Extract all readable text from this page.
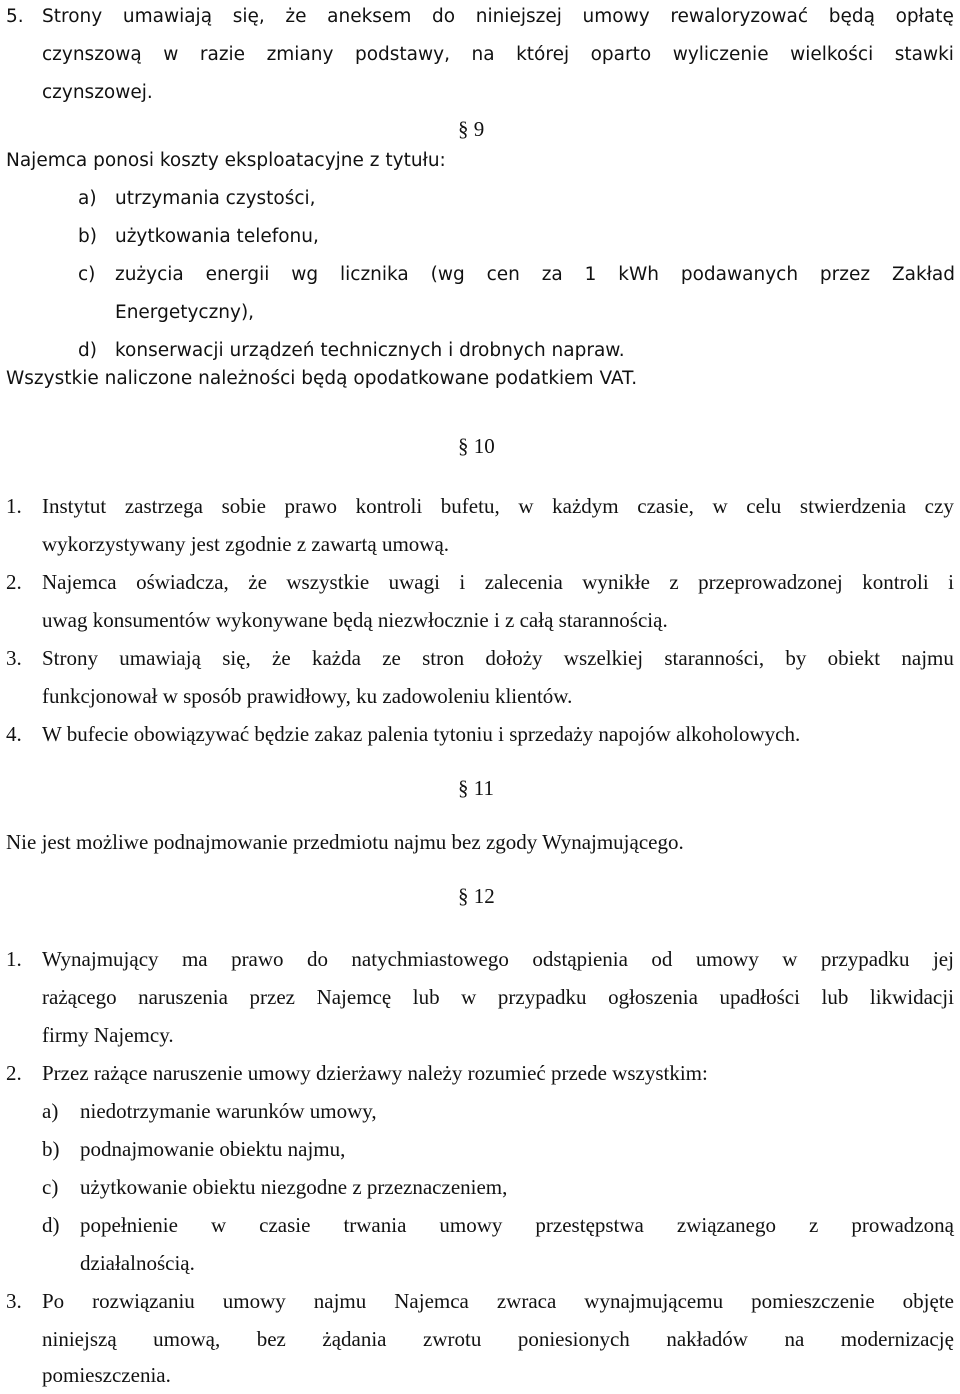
5. Strony umawiają się, że aneksem do niniejszej umowy rewaloryzować będą opłatę
czynszową w razie zmiany podstawy, na której oparto wyliczenie wielkości stawki
czynszowej.
§ 9
Najemca ponosi koszty eksploatacyjne z tytułu:
a) utrzymania czystości,
b) użytkowania telefonu,
c) zużycia energii wg licznika (wg cen za 1 kWh podawanych przez Zakład
Energetyczny),
d) konserwacji urządzeń technicznych i drobnych napraw.
Wszystkie naliczone należności będą opodatkowane podatkiem VAT.
§ 10
1. Instytut zastrzega sobie prawo kontroli bufetu, w każdym czasie, w celu stwierdzenia czy
wykorzystywany jest zgodnie z zawartą umową.
2. Najemca oświadcza, że wszystkie uwagi i zalecenia wynikłe z przeprowadzonej kontroli i
uwag konsumentów wykonywane będą niezwłocznie i z całą starannością.
3. Strony umawiają się, że każda ze stron dołoży wszelkiej staranności, by obiekt najmu
funkcjonował w sposób prawidłowy, ku zadowoleniu klientów.
4. W bufecie obowiązywać będzie zakaz palenia tytoniu i sprzedaży napojów alkoholowych.
§ 11
Nie jest możliwe podnajmowanie przedmiotu najmu bez zgody Wynajmującego.
§ 12
1. Wynajmujący ma prawo do natychmiastowego odstąpienia od umowy w przypadku jej
rażącego naruszenia przez Najemcę lub w przypadku ogłoszenia upadłości lub likwidacji
firmy Najemcy.
2. Przez rażące naruszenie umowy dzierżawy należy rozumieć przede wszystkim:
a) niedotrzymanie warunków umowy,
b) podnajmowanie obiektu najmu,
c) użytkowanie obiektu niezgodne z przeznaczeniem,
d) popełnienie w czasie trwania umowy przestępstwa związanego z prowadzoną
działalnością.
3. Po rozwiązaniu umowy najmu Najemca zwraca wynajmującemu pomieszczenie objęte
niniejszą umową, bez żądania zwrotu poniesionych nakładów na modernizację
pomieszczenia.
